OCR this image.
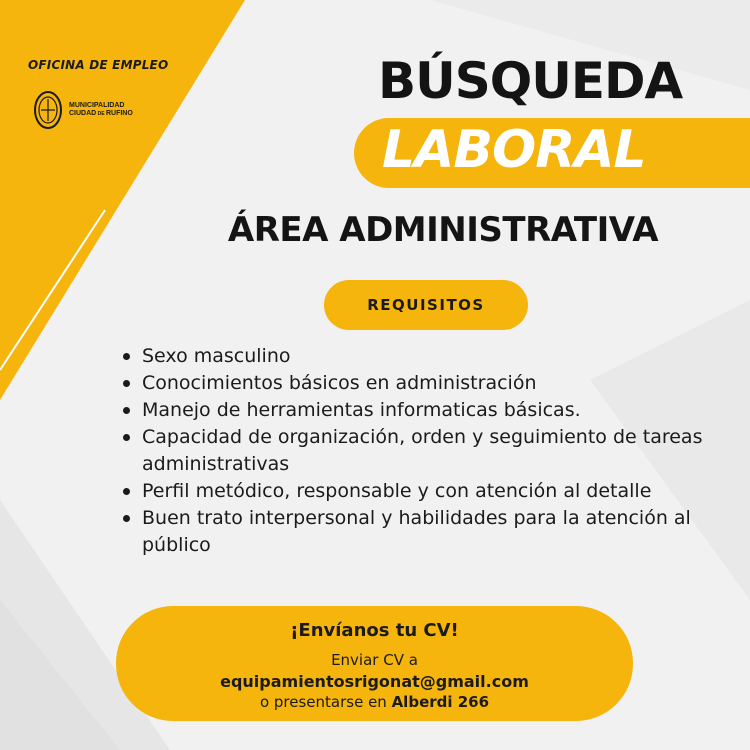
OFICINA DE EMPLEO
MUNICIPALIDAD
CIUDAD DE RUFINO
BÚSQUEDA
LABORAL
ÁREA ADMINISTRATIVA
REQUISITOS
Sexo masculino
Conocimientos básicos en administración
Manejo de herramientas informaticas básicas.
Capacidad de organización, orden y seguimiento de tareas administrativas
Perfil metódico, responsable y con atención al detalle
Buen trato interpersonal y habilidades para la atención al público
¡Envíanos tu CV!
Enviar CV a
equipamientosrigonat@gmail.com
o presentarse en Alberdi 266
